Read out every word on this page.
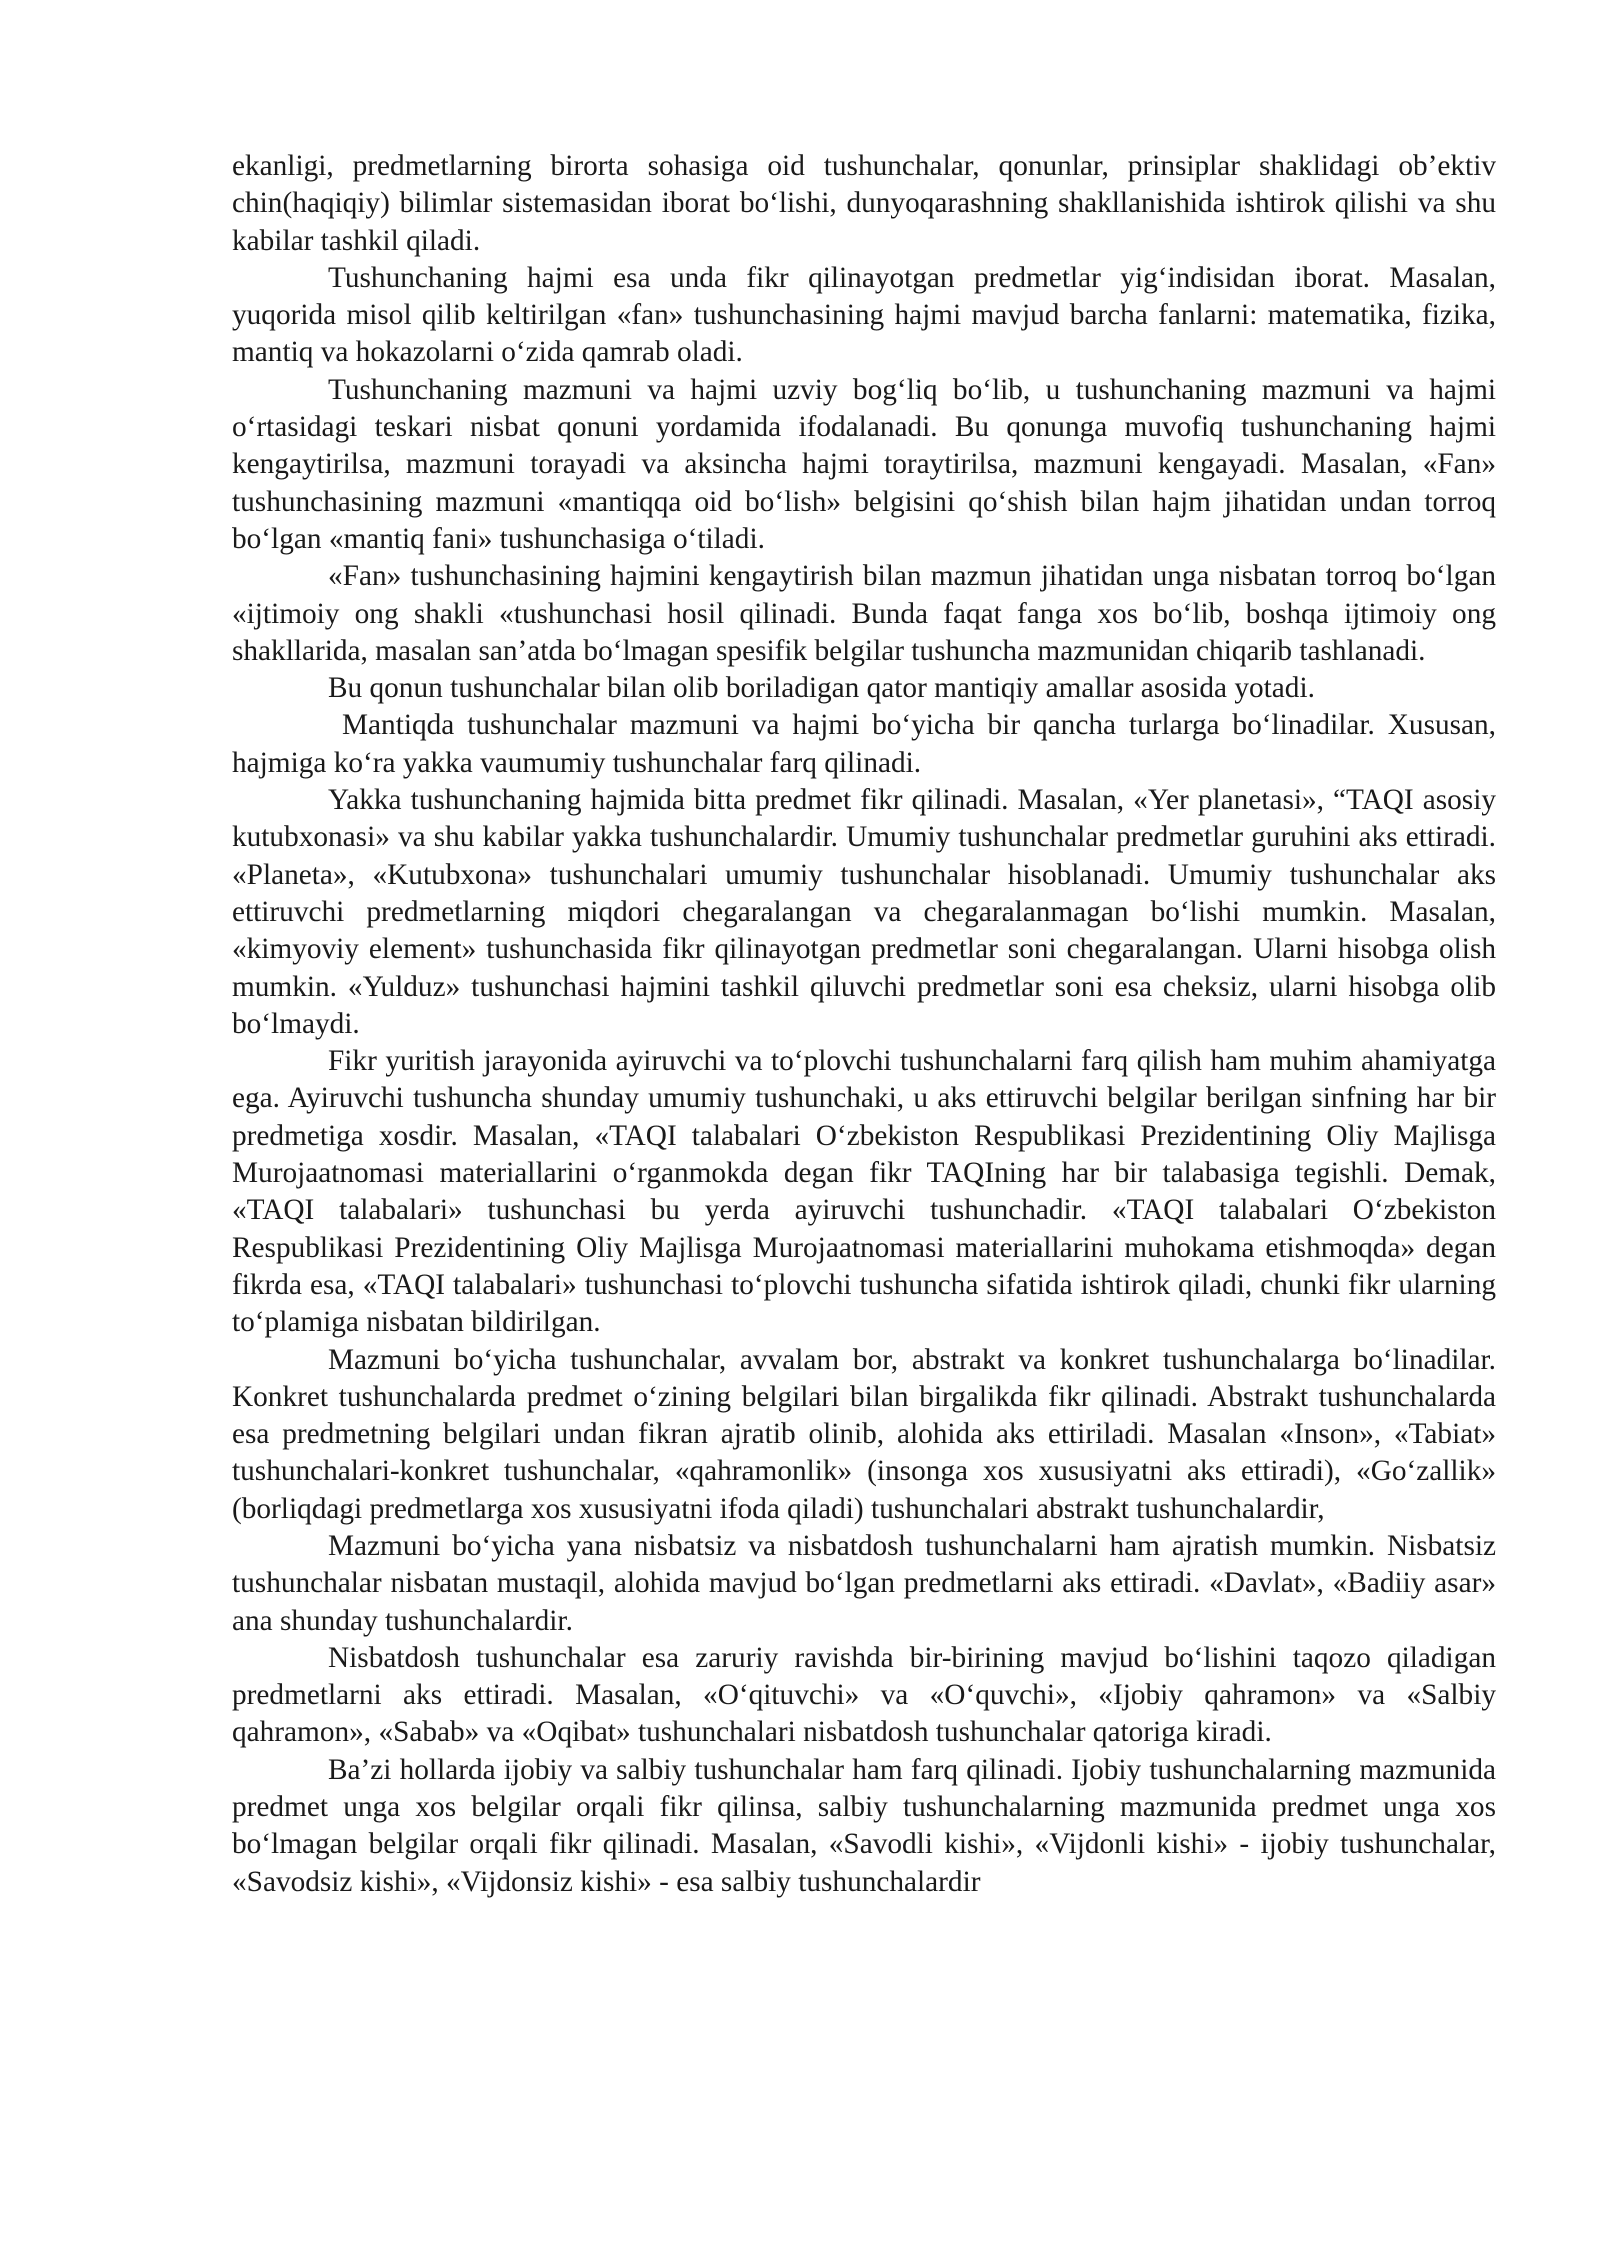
ekanligi, predmetlarning birorta sohasiga oid tushunchalar, qonunlar, prinsiplar shaklidagi ob’ektiv chin(haqiqiy) bilimlar sistemasidan iborat bo‘lishi, dunyoqarashning shakllanishida ishtirok qilishi va shu kabilar tashkil qiladi.

Tushunchaning hajmi esa unda fikr qilinayotgan predmetlar yig‘indisidan iborat. Masalan, yuqorida misol qilib keltirilgan «fan» tushunchasining hajmi mavjud barcha fanlarni: matematika, fizika, mantiq va hokazolarni o‘zida qamrab oladi.

Tushunchaning mazmuni va hajmi uzviy bog‘liq bo‘lib, u tushunchaning mazmuni va hajmi o‘rtasidagi teskari nisbat qonuni yordamida ifodalanadi. Bu qonunga muvofiq tushunchaning hajmi kengaytirilsa, mazmuni torayadi va aksincha hajmi toraytirilsa, mazmuni kengayadi. Masalan, «Fan» tushunchasining mazmuni «mantiqqa oid bo‘lish» belgisini qo‘shish bilan hajm jihatidan undan torroq bo‘lgan «mantiq fani» tushunchasiga o‘tiladi.

«Fan» tushunchasining hajmini kengaytirish bilan mazmun jihatidan unga nisbatan torroq bo‘lgan «ijtimoiy ong shakli «tushunchasi hosil qilinadi. Bunda faqat fanga xos bo‘lib, boshqa ijtimoiy ong shakllarida, masalan san’atda bo‘lmagan spesifik belgilar tushuncha mazmunidan chiqarib tashlanadi.

Bu qonun tushunchalar bilan olib boriladigan qator mantiqiy amallar asosida yotadi.

Mantiqda tushunchalar mazmuni va hajmi bo‘yicha bir qancha turlarga bo‘linadilar. Xususan, hajmiga ko‘ra yakka vaumumiy tushunchalar farq qilinadi.

Yakka tushunchaning hajmida bitta predmet fikr qilinadi. Masalan, «Yer planetasi», “TAQI asosiy kutubxonasi» va shu kabilar yakka tushunchalardir. Umumiy tushunchalar predmetlar guruhini aks ettiradi. «Planeta», «Kutubxona» tushunchalari umumiy tushunchalar hisoblanadi. Umumiy tushunchalar aks ettiruvchi predmetlarning miqdori chegaralangan va chegaralanmagan bo‘lishi mumkin. Masalan, «kimyoviy element» tushunchasida fikr qilinayotgan predmetlar soni chegaralangan. Ularni hisobga olish mumkin. «Yulduz» tushunchasi hajmini tashkil qiluvchi predmetlar soni esa cheksiz, ularni hisobga olib bo‘lmaydi.

Fikr yuritish jarayonida ayiruvchi va to‘plovchi tushunchalarni farq qilish ham muhim ahamiyatga ega. Ayiruvchi tushuncha shunday umumiy tushunchaki, u aks ettiruvchi belgilar berilgan sinfning har bir predmetiga xosdir. Masalan, «TAQI talabalari O‘zbekiston Respublikasi Prezidentining Oliy Majlisga Murojaatnomasi materiallarini o‘rganmokda degan fikr TAQIning har bir talabasiga tegishli. Demak, «TAQI talabalari» tushunchasi bu yerda ayiruvchi tushunchadir. «TAQI talabalari O‘zbekiston Respublikasi Prezidentining Oliy Majlisga Murojaatnomasi materiallarini muhokama etishmoqda» degan fikrda esa, «TAQI talabalari» tushunchasi to‘plovchi tushuncha sifatida ishtirok qiladi, chunki fikr ularning to‘plamiga nisbatan bildirilgan.

Mazmuni bo‘yicha tushunchalar, avvalam bor, abstrakt va konkret tushunchalarga bo‘linadilar. Konkret tushunchalarda predmet o‘zining belgilari bilan birgalikda fikr qilinadi. Abstrakt tushunchalarda esa predmetning belgilari undan fikran ajratib olinib, alohida aks ettiriladi. Masalan «Inson», «Tabiat» tushunchalari-konkret tushunchalar, «qahramonlik» (insonga xos xususiyatni aks ettiradi), «Go‘zallik» (borliqdagi predmetlarga xos xususiyatni ifoda qiladi) tushunchalari abstrakt tushunchalardir,

Mazmuni bo‘yicha yana nisbatsiz va nisbatdosh tushunchalarni ham ajratish mumkin. Nisbatsiz tushunchalar nisbatan mustaqil, alohida mavjud bo‘lgan predmetlarni aks ettiradi. «Davlat», «Badiiy asar» ana shunday tushunchalardir.

Nisbatdosh tushunchalar esa zaruriy ravishda bir-birining mavjud bo‘lishini taqozo qiladigan predmetlarni aks ettiradi. Masalan, «O‘qituvchi» va «O‘quvchi», «Ijobiy qahramon» va «Salbiy qahramon», «Sabab» va «Oqibat» tushunchalari nisbatdosh tushunchalar qatoriga kiradi.

Ba’zi hollarda ijobiy va salbiy tushunchalar ham farq qilinadi. Ijobiy tushunchalarning mazmunida predmet unga xos belgilar orqali fikr qilinsa, salbiy tushunchalarning mazmunida predmet unga xos bo‘lmagan belgilar orqali fikr qilinadi. Masalan, «Savodli kishi», «Vijdonli kishi» - ijobiy tushunchalar, «Savodsiz kishi», «Vijdonsiz kishi» - esa salbiy tushunchalardir
